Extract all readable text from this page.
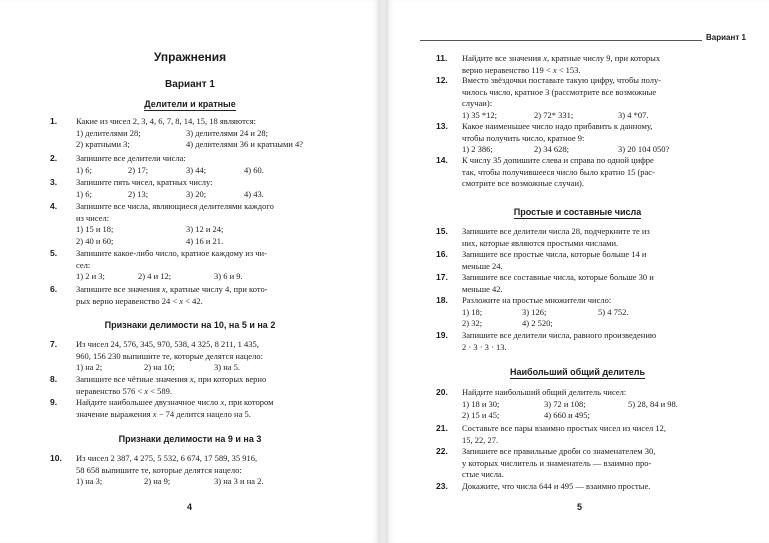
Упражнения
Вариант 1
Делители и кратные
1. Какие из чисел 2, 3, 4, 6, 7, 8, 14, 15, 18 являются:
1) делителями 28;	3) делителями 24 и 28;
2) кратными 3;	4) делителями 36 и кратными 4?
2. Запишите все делители числа:
1) 6;	2) 17;	3) 44;	4) 60.
3. Запишите пять чисел, кратных числу:
1) 6;	2) 13;	3) 20;	4) 43.
4. Запишите все числа, являющиеся делителями каждого
из чисел:
1) 15 и 18;	3) 12 и 24;
2) 40 и 60;	4) 16 и 21.
5. Запишите какое-либо число, кратное каждому из чи-
сел:
1) 2 и 3;	2) 4 и 12;	3) 6 и 9.
6. Запишите все значения x, кратные числу 4, при кото-
рых верно неравенство 24 < x < 42.
Признаки делимости на 10, на 5 и на 2
7. Из чисел 24, 576, 345, 970, 538, 4 325, 8 211, 1 435,
960, 156 230 выпишите те, которые делятся нацело:
1) на 2;	2) на 10;	3) на 5.
8. Запишите все чётные значения x, при которых верно
неравенство 576 < x < 589.
9. Найдите наибольшее двузначное число x, при котором
значение выражения x − 74 делится нацело на 5.
Признаки делимости на 9 и на 3
10. Из чисел 2 387, 4 275, 5 532, 6 674, 17 589, 35 916,
58 658 выпишите те, которые делятся нацело:
1) на 3;	2) на 9;	3) на 3 и на 2.
4
Вариант 1
11. Найдите все значения x, кратные числу 9, при которых
верно неравенство 119 < x < 153.
12. Вместо звёздочки поставьте такую цифру, чтобы полу-
чилось число, кратное 3 (рассмотрите все возможные
случаи):
1) 35 *12;	2) 72* 331;	3) 4 *07.
13. Какое наименьшее число надо прибавить к данному,
чтобы получить число, кратное 9:
1) 2 386;	2) 34 628;	3) 20 104 050?
14. К числу 35 допишите слева и справа по одной цифре
так, чтобы получившееся число было кратно 15 (рас-
смотрите все возможные случаи).
Простые и составные числа
15. Запишите все делители числа 28, подчеркните те из
них, которые являются простыми числами.
16. Запишите все простые числа, которые больше 14 и
меньше 24.
17. Запишите все составные числа, которые больше 30 и
меньше 42.
18. Разложите на простые множители число:
1) 18;	3) 126;	5) 4 752.
2) 32;	4) 2 520;
19. Запишите все делители числа, равного произведению
2 · 3 · 3 · 13.
Наибольший общий делитель
20. Найдите наибольший общий делитель чисел:
1) 18 и 30;	3) 72 и 108;	5) 28, 84 и 98.
2) 15 и 45;	4) 660 и 495;
21. Составьте все пары взаимно простых чисел из чисел 12,
15, 22, 27.
22. Запишите все правильные дроби со знаменателем 30,
у которых числитель и знаменатель — взаимно про-
стые числа.
23. Докажите, что числа 644 и 495 — взаимно простые.
5
